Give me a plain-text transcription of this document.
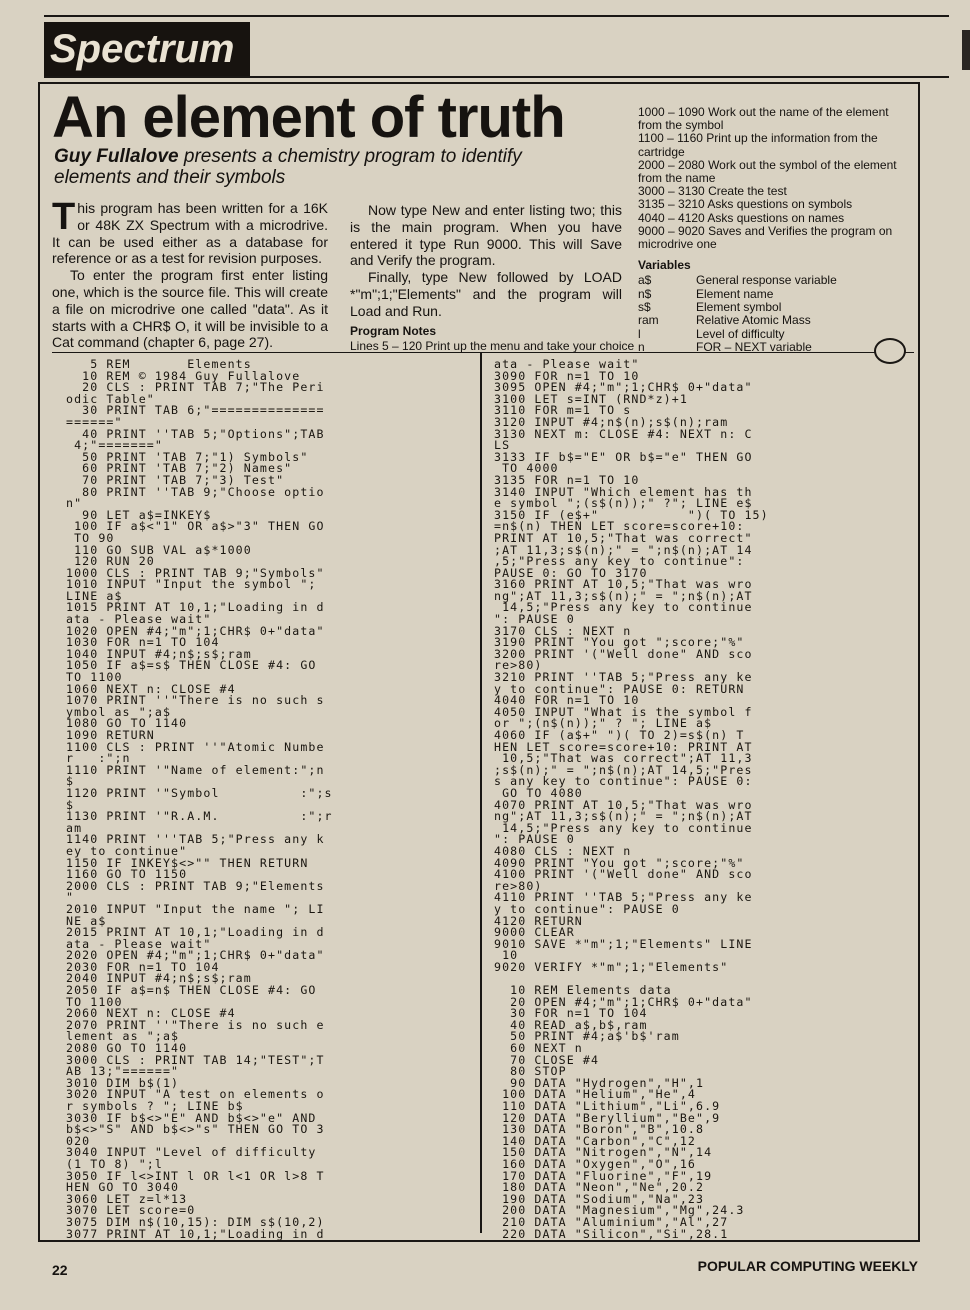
Spectrum
An element of truth
Guy Fullalove presents a chemistry program to identify elements and their symbols

This program has been written for a 16K or 48K ZX Spectrum with a microdrive. It can be used either as a database for reference or as a test for revision purposes.

To enter the program first enter listing one, which is the source file. This will create a file on microdrive one called "data". As it starts with a CHR$ O, it will be invisible to a Cat command (chapter 6, page 27).

Now type New and enter listing two; this is the main program. When you have entered it type Run 9000. This will Save and Verify the program.

Finally, type New followed by LOAD *"m";1;"Elements" and the program will Load and Run.

Program Notes
Lines 5 – 120 Print up the menu and take your choice
1000 – 1090 Work out the name of the element from the symbol
1100 – 1160 Print up the information from the cartridge
2000 – 2080 Work out the symbol of the element from the name
3000 – 3130 Create the test
3135 – 3210 Asks questions on symbols
4040 – 4120 Asks questions on names
9000 – 9020 Saves and Verifies the program on microdrive one
Variables
a$	General response variable
n$	Element name
s$	Element symbol
ram	Relative Atomic Mass
l	Level of difficulty
n	FOR – NEXT variable
5 REM       Elements
10 REM © 1984 Guy Fullalove
20 CLS : PRINT TAB 7;"The Peri
odic Table"
30 PRINT TAB 6;"==============
======"
40 PRINT ''TAB 5;"Options";TAB
4;"======="
50 PRINT 'TAB 7;"1) Symbols"
60 PRINT 'TAB 7;"2) Names"
70 PRINT 'TAB 7;"3) Test"
80 PRINT ''TAB 9;"Choose optio
n"
90 LET a$=INKEY$
100 IF a$<"1" OR a$>"3" THEN GO
TO 90
110 GO SUB VAL a$*1000
120 RUN 20
1000 CLS : PRINT TAB 9;"Symbols"
1010 INPUT "Input the symbol ";
LINE a$
1015 PRINT AT 10,1;"Loading in d
ata - Please wait"
1020 OPEN #4;"m";1;CHR$ 0+"data"
1030 FOR n=1 TO 104
1040 INPUT #4;n$;s$;ram
1050 IF a$=s$ THEN CLOSE #4: GO
TO 1100
1060 NEXT n: CLOSE #4
1070 PRINT ''"There is no such s
ymbol as ";a$
1080 GO TO 1140
1090 RETURN
1100 CLS : PRINT ''"Atomic Numbe
r   :";n
1110 PRINT '"Name of element:";n
$
1120 PRINT '"Symbol          :";s
$
1130 PRINT '"R.A.M.          :";r
am
1140 PRINT '''TAB 5;"Press any k
ey to continue"
1150 IF INKEY$<>"" THEN RETURN
1160 GO TO 1150
2000 CLS : PRINT TAB 9;"Elements
"
2010 INPUT "Input the name "; LI
NE a$
2015 PRINT AT 10,1;"Loading in d
ata - Please wait"
2020 OPEN #4;"m";1;CHR$ 0+"data"
2030 FOR n=1 TO 104
2040 INPUT #4;n$;s$;ram
2050 IF a$=n$ THEN CLOSE #4: GO
TO 1100
2060 NEXT n: CLOSE #4
2070 PRINT ''"There is no such e
lement as ";a$
2080 GO TO 1140
3000 CLS : PRINT TAB 14;"TEST";T
AB 13;"======"
3010 DIM b$(1)
3020 INPUT "A test on elements o
r symbols ? "; LINE b$
3030 IF b$<>"E" AND b$<>"e" AND
b$<>"S" AND b$<>"s" THEN GO TO 3
020
3040 INPUT "Level of difficulty
(1 TO 8) ";l
3050 IF l<>INT l OR l<1 OR l>8 T
HEN GO TO 3040
3060 LET z=l*13
3070 LET score=0
3075 DIM n$(10,15): DIM s$(10,2)
3077 PRINT AT 10,1;"Loading in d
ata - Please wait"
3090 FOR n=1 TO 10
3095 OPEN #4;"m";1;CHR$ 0+"data"
3100 LET s=INT (RND*z)+1
3110 FOR m=1 TO s
3120 INPUT #4;n$(n);s$(n);ram
3130 NEXT m: CLOSE #4: NEXT n: C
LS
3133 IF b$="E" OR b$="e" THEN GO
TO 4000
3135 FOR n=1 TO 10
3140 INPUT "Which element has th
e symbol ";(s$(n));" ?"; LINE e$
3150 IF (e$+"           ")( TO 15)
=n$(n) THEN LET score=score+10:
PRINT AT 10,5;"That was correct"
;AT 11,3;s$(n);" = ";n$(n);AT 14
,5;"Press any key to continue":
PAUSE 0: GO TO 3170
3160 PRINT AT 10,5;"That was wro
ng";AT 11,3;s$(n);" = ";n$(n);AT
14,5;"Press any key to continue
": PAUSE 0
3170 CLS : NEXT n
3190 PRINT "You got ";score;"%"
3200 PRINT '("Well done" AND sco
re>80)
3210 PRINT ''TAB 5;"Press any ke
y to continue": PAUSE 0: RETURN
4040 FOR n=1 TO 10
4050 INPUT "What is the symbol f
or ";(n$(n));" ? "; LINE a$
4060 IF (a$+" ")( TO 2)=s$(n) T
HEN LET score=score+10: PRINT AT
10,5;"That was correct";AT 11,3
;s$(n);" = ";n$(n);AT 14,5;"Pres
s any key to continue": PAUSE 0:
GO TO 4080
4070 PRINT AT 10,5;"That was wro
ng";AT 11,3;s$(n);" = ";n$(n);AT
14,5;"Press any key to continue
": PAUSE 0
4080 CLS : NEXT n
4090 PRINT "You got ";score;"%"
4100 PRINT '("Well done" AND sco
re>80)
4110 PRINT ''TAB 5;"Press any ke
y to continue": PAUSE 0
4120 RETURN
9000 CLEAR
9010 SAVE *"m";1;"Elements" LINE
10
9020 VERIFY *"m";1;"Elements"

10 REM Elements data
20 OPEN #4;"m";1;CHR$ 0+"data"
30 FOR n=1 TO 104
40 READ a$,b$,ram
50 PRINT #4;a$'b$'ram
60 NEXT n
70 CLOSE #4
80 STOP
90 DATA "Hydrogen","H",1
100 DATA "Helium","He",4
110 DATA "Lithium","Li",6.9
120 DATA "Beryllium","Be",9
130 DATA "Boron","B",10.8
140 DATA "Carbon","C",12
150 DATA "Nitrogen","N",14
160 DATA "Oxygen","O",16
170 DATA "Fluorine","F",19
180 DATA "Neon","Ne",20.2
190 DATA "Sodium","Na",23
200 DATA "Magnesium","Mg",24.3
210 DATA "Aluminium","Al",27
220 DATA "Silicon","Si",28.1
22	POPULAR COMPUTING WEEKLY
